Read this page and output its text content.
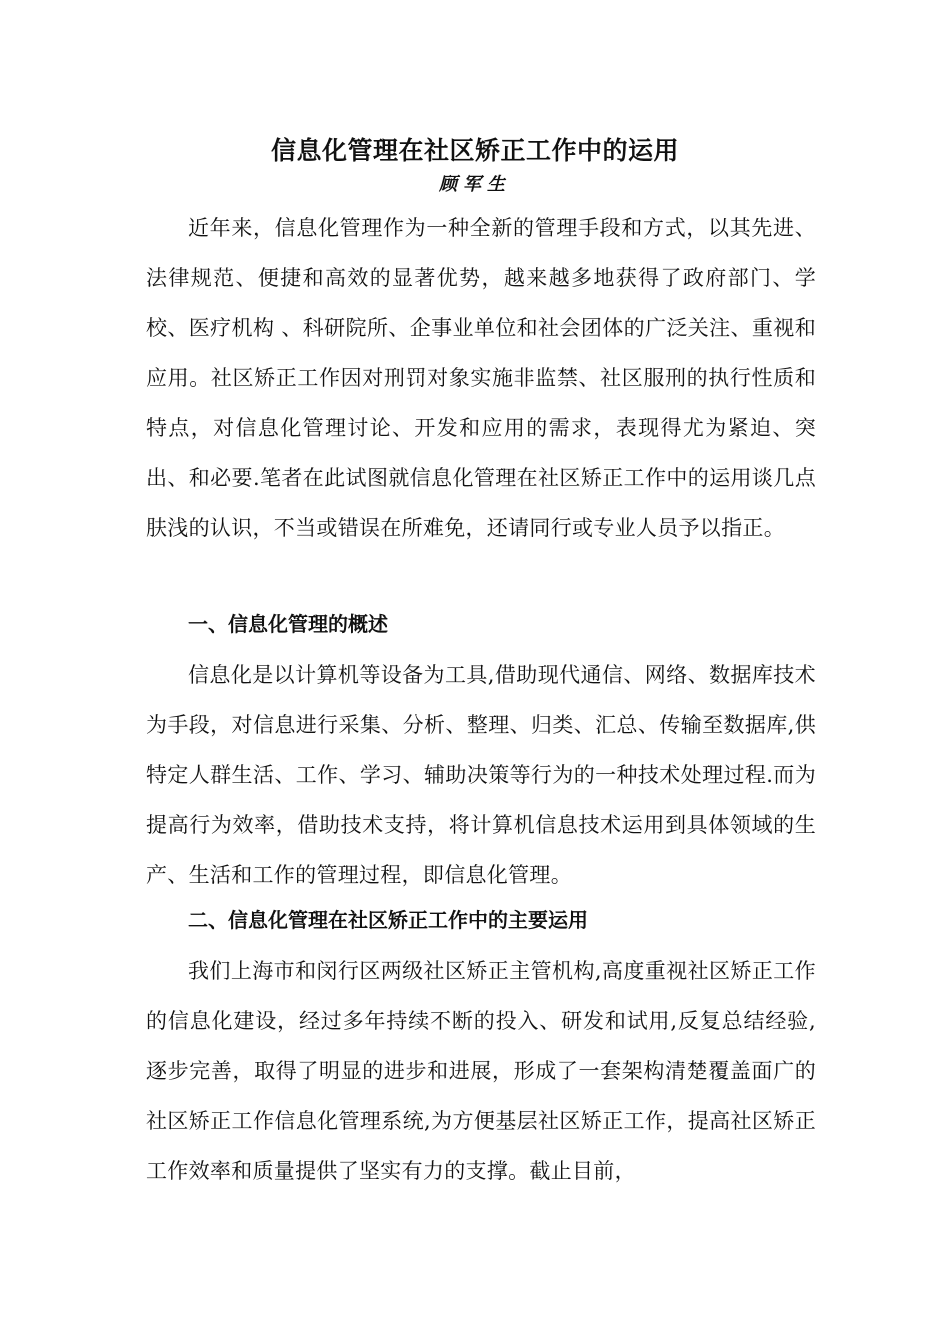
信息化管理在社区矫正工作中的运用
顾军生

近年来，信息化管理作为一种全新的管理手段和方式，以其先进、法律规范、便捷和高效的显著优势，越来越多地获得了政府部门、学校、医疗机构 、科研院所、企事业单位和社会团体的广泛关注、重视和应用。社区矫正工作因对刑罚对象实施非监禁、社区服刑的执行性质和特点，对信息化管理讨论、开发和应用的需求，表现得尤为紧迫、突出、和必要.笔者在此试图就信息化管理在社区矫正工作中的运用谈几点肤浅的认识，不当或错误在所难免，还请同行或专业人员予以指正。

一、信息化管理的概述

信息化是以计算机等设备为工具,借助现代通信、网络、数据库技术为手段，对信息进行采集、分析、整理、归类、汇总、传输至数据库,供特定人群生活、工作、学习、辅助决策等行为的一种技术处理过程.而为提高行为效率，借助技术支持，将计算机信息技术运用到具体领域的生产、生活和工作的管理过程，即信息化管理。

二、信息化管理在社区矫正工作中的主要运用

我们上海市和闵行区两级社区矫正主管机构,高度重视社区矫正工作的信息化建设，经过多年持续不断的投入、研发和试用,反复总结经验,逐步完善，取得了明显的进步和进展，形成了一套架构清楚覆盖面广的社区矫正工作信息化管理系统,为方便基层社区矫正工作，提高社区矫正工作效率和质量提供了坚实有力的支撑。截止目前，
